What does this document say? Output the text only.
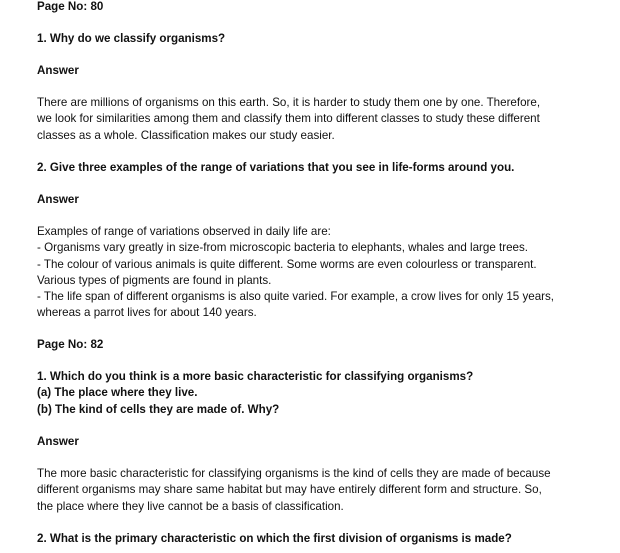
Page No: 80
1. Why do we classify organisms?
Answer
There are millions of organisms on this earth. So, it is harder to study them one by one. Therefore,
we look for similarities among them and classify them into different classes to study these different
classes as a whole. Classification makes our study easier.
2. Give three examples of the range of variations that you see in life-forms around you.
Answer
Examples of range of variations observed in daily life are:
- Organisms vary greatly in size-from microscopic bacteria to elephants, whales and large trees.
- The colour of various animals is quite different. Some worms are even colourless or transparent.
Various types of pigments are found in plants.
- The life span of different organisms is also quite varied. For example, a crow lives for only 15 years,
whereas a parrot lives for about 140 years.
Page No: 82
1. Which do you think is a more basic characteristic for classifying organisms?
(a) The place where they live.
(b) The kind of cells they are made of. Why?
Answer
The more basic characteristic for classifying organisms is the kind of cells they are made of because
different organisms may share same habitat but may have entirely different form and structure. So,
the place where they live cannot be a basis of classification.
2. What is the primary characteristic on which the first division of organisms is made?
